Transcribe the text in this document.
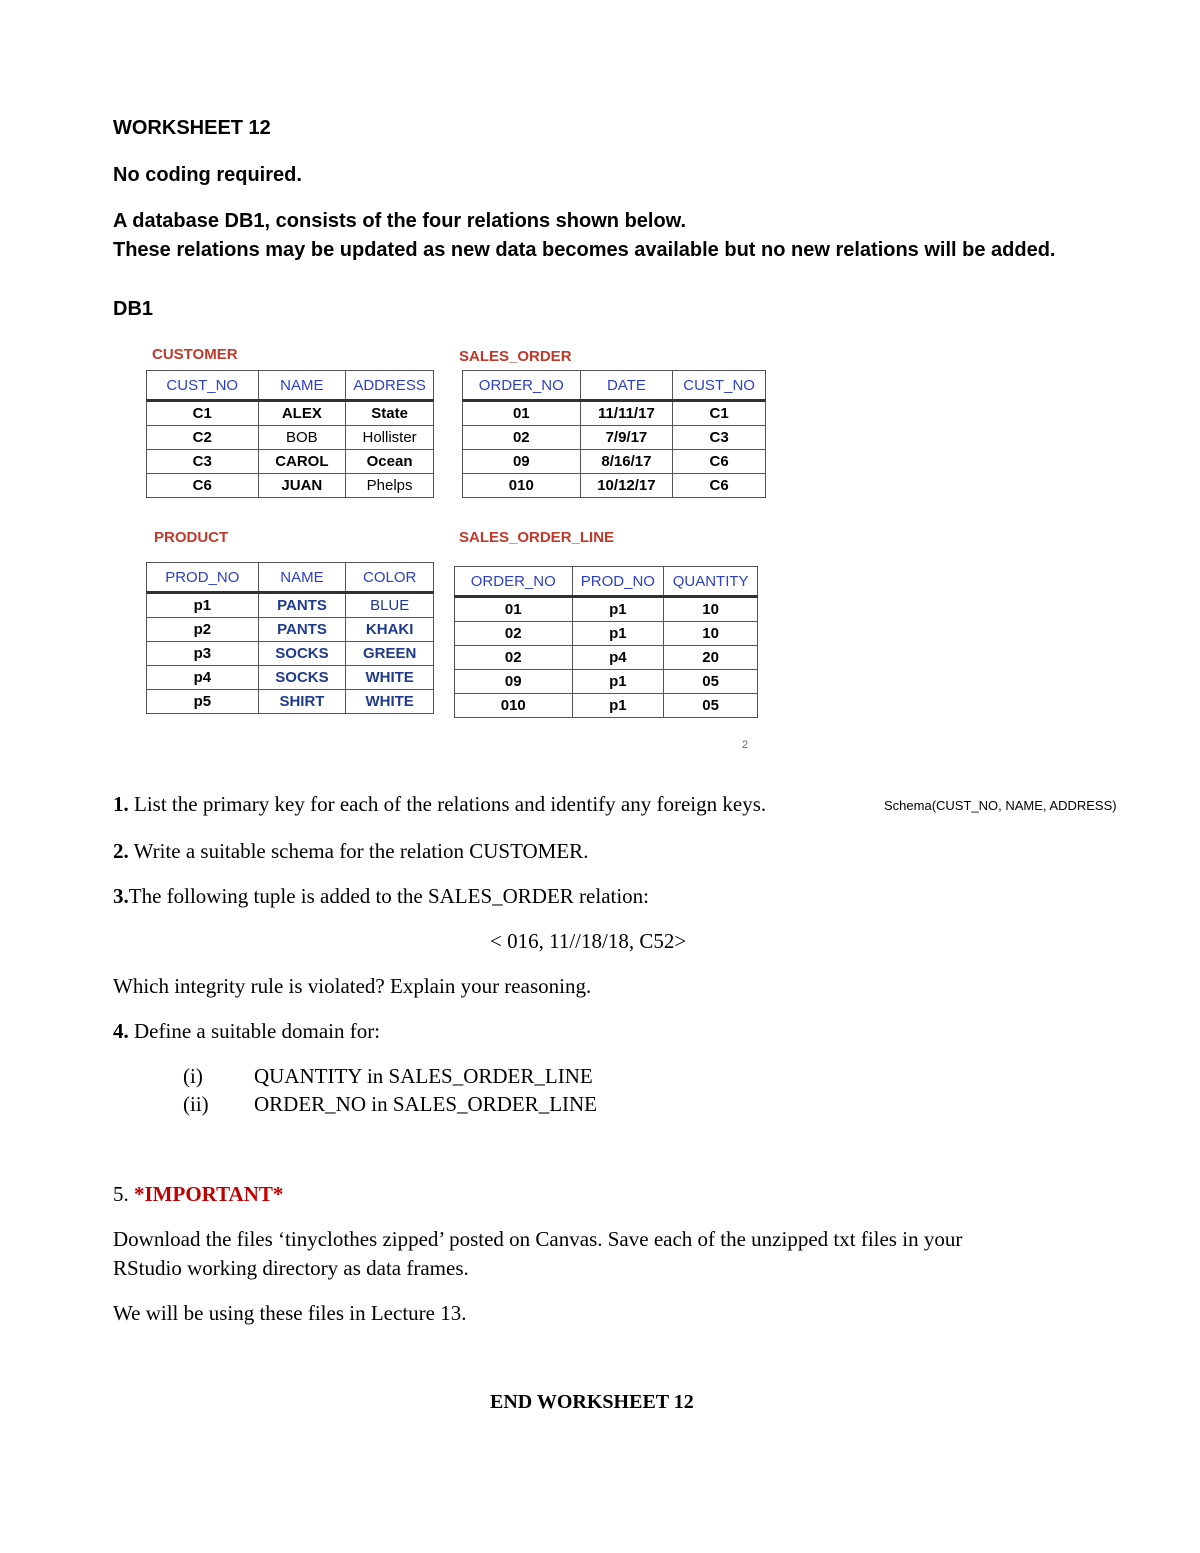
WORKSHEET 12
No coding required.
A database DB1, consists of the four relations shown below.
These relations may be updated as new data becomes available but no new relations will be added.
DB1
CUSTOMER
CUST_NO	NAME	ADDRESS
C1	ALEX	State
C2	BOB	Hollister
C3	CAROL	Ocean
C6	JUAN	Phelps
SALES_ORDER
ORDER_NO	DATE	CUST_NO
01	11/11/17	C1
02	7/9/17	C3
09	8/16/17	C6
010	10/12/17	C6
PRODUCT
PROD_NO	NAME	COLOR
p1	PANTS	BLUE
p2	PANTS	KHAKI
p3	SOCKS	GREEN
p4	SOCKS	WHITE
p5	SHIRT	WHITE
SALES_ORDER_LINE
ORDER_NO	PROD_NO	QUANTITY
01	p1	10
02	p1	10
02	p4	20
09	p1	05
010	p1	05
2
1. List the primary key for each of the relations and identify any foreign keys.	Schema(CUST_NO, NAME, ADDRESS)
2. Write a suitable schema for the relation CUSTOMER.
3.The following tuple is added to the SALES_ORDER relation:
< 016, 11//18/18, C52>
Which integrity rule is violated? Explain your reasoning.
4. Define a suitable domain for:
(i) QUANTITY in SALES_ORDER_LINE
(ii) ORDER_NO in SALES_ORDER_LINE
5. *IMPORTANT*
Download the files ‘tinyclothes zipped’ posted on Canvas. Save each of the unzipped txt files in your
RStudio working directory as data frames.
We will be using these files in Lecture 13.
END WORKSHEET 12
